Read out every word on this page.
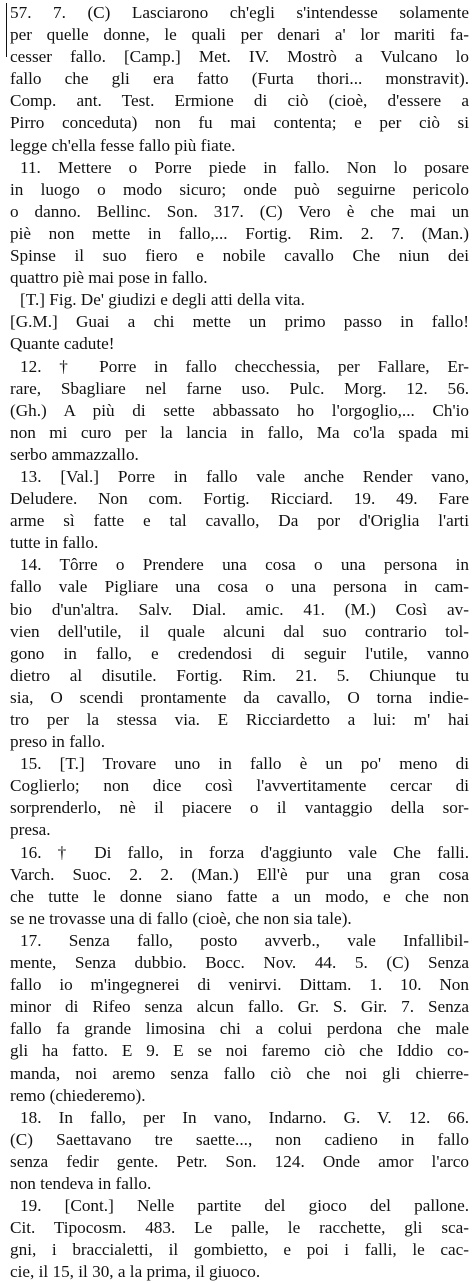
57. 7. (C) Lasciarono ch'egli s'intendesse solamente
per quelle donne, le quali per denari a' lor mariti fa-
cesser fallo. [Camp.] Met. IV. Mostrò a Vulcano lo
fallo che gli era fatto (Furta thori... monstravit).
Comp. ant. Test. Ermione di ciò (cioè, d'essere a
Pirro conceduta) non fu mai contenta; e per ciò si
legge ch'ella fesse fallo più fiate.
11. Mettere o Porre piede in fallo. Non lo posare
in luogo o modo sicuro; onde può seguirne pericolo
o danno. Bellinc. Son. 317. (C) Vero è che mai un
piè non mette in fallo,... Fortig. Rim. 2. 7. (Man.)
Spinse il suo fiero e nobile cavallo Che niun dei
quattro piè mai pose in fallo.
[T.] Fig. De' giudizi e degli atti della vita.
[G.M.] Guai a chi mette un primo passo in fallo!
Quante cadute!
12. † Porre in fallo checchessia, per Fallare, Er-
rare, Sbagliare nel farne uso. Pulc. Morg. 12. 56.
(Gh.) A più di sette abbassato ho l'orgoglio,... Ch'io
non mi curo per la lancia in fallo, Ma co'la spada mi
serbo ammazzallo.
13. [Val.] Porre in fallo vale anche Render vano,
Deludere. Non com. Fortig. Ricciard. 19. 49. Fare
arme sì fatte e tal cavallo, Da por d'Origlia l'arti
tutte in fallo.
14. Tôrre o Prendere una cosa o una persona in
fallo vale Pigliare una cosa o una persona in cam-
bio d'un'altra. Salv. Dial. amic. 41. (M.) Così av-
vien dell'utile, il quale alcuni dal suo contrario tol-
gono in fallo, e credendosi di seguir l'utile, vanno
dietro al disutile. Fortig. Rim. 21. 5. Chiunque tu
sia, O scendi prontamente da cavallo, O torna indie-
tro per la stessa via. E Ricciardetto a lui: m' hai
preso in fallo.
15. [T.] Trovare uno in fallo è un po' meno di
Coglierlo; non dice così l'avvertitamente cercar di
sorprenderlo, nè il piacere o il vantaggio della sor-
presa.
16. † Di fallo, in forza d'aggiunto vale Che falli.
Varch. Suoc. 2. 2. (Man.) Ell'è pur una gran cosa
che tutte le donne siano fatte a un modo, e che non
se ne trovasse una di fallo (cioè, che non sia tale).
17. Senza fallo, posto avverb., vale Infallibil-
mente, Senza dubbio. Bocc. Nov. 44. 5. (C) Senza
fallo io m'ingegnerei di venirvi. Dittam. 1. 10. Non
minor di Rifeo senza alcun fallo. Gr. S. Gir. 7. Senza
fallo fa grande limosina chi a colui perdona che male
gli ha fatto. E 9. E se noi faremo ciò che Iddio co-
manda, noi aremo senza fallo ciò che noi gli chierre-
remo (chiederemo).
18. In fallo, per In vano, Indarno. G. V. 12. 66.
(C) Saettavano tre saette..., non cadieno in fallo
senza fedir gente. Petr. Son. 124. Onde amor l'arco
non tendeva in fallo.
19. [Cont.] Nelle partite del gioco del pallone.
Cit. Tipocosm. 483. Le palle, le racchette, gli sca-
gni, i braccialetti, il gombietto, e poi i falli, le cac-
cie, il 15, il 30, a la prima, il giuoco.
